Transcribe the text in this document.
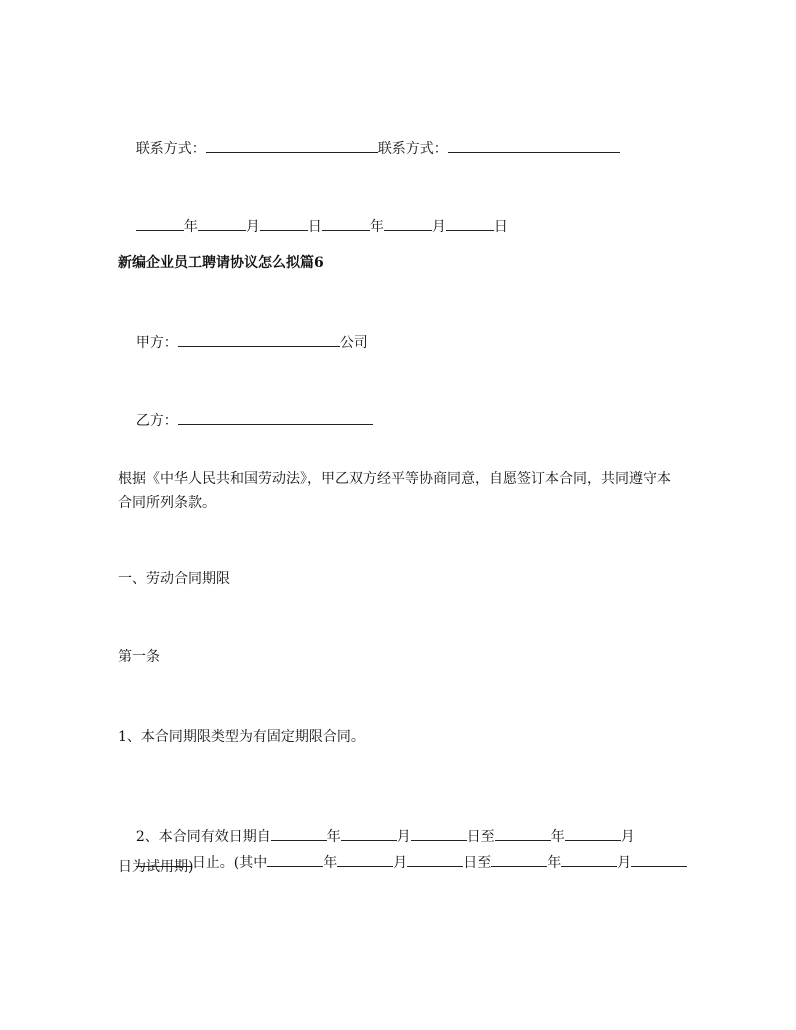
联系方式：	联系方式：

年	月	日	年	月	日

新编企业员工聘请协议怎么拟篇6

甲方：	公司

乙方：

根据《中华人民共和国劳动法》，甲乙双方经平等协商同意，自愿签订本合同，共同遵守本合同所列条款。
一、劳动合同期限
第一条
1、本合同期限类型为有固定期限合同。

2、本合同有效日期自	年	月	日至	年	月

日止。(其中	年	月	日至	年	月

日为试用期)
